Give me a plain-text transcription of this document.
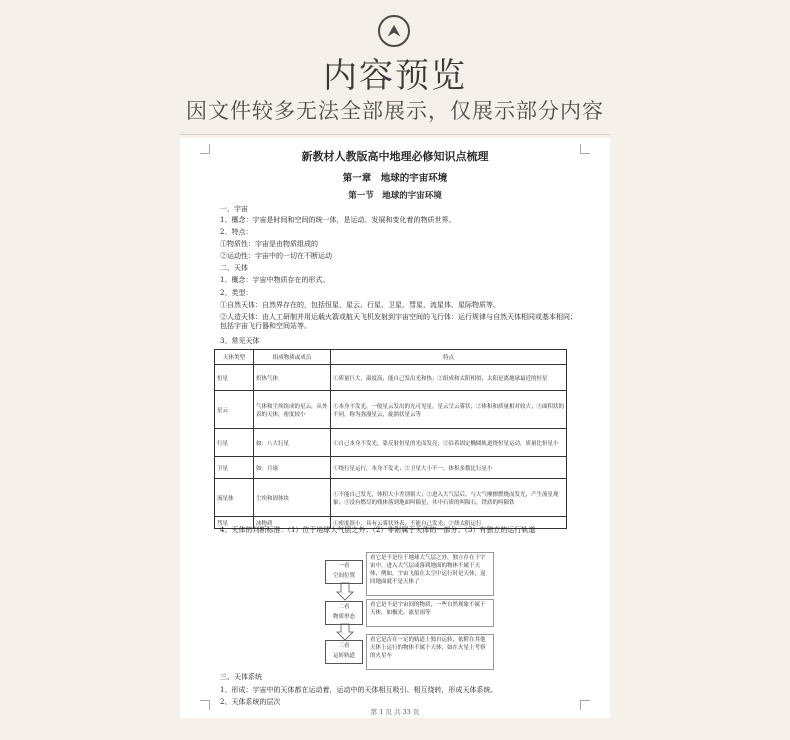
内容预览
因文件较多无法全部展示，仅展示部分内容
新教材人教版高中地理必修知识点梳理
第一章　地球的宇宙环境
第一节　地球的宇宙环境
一、宇宙
1、概念：宇宙是时间和空间的统一体，是运动、发展和变化着的物质世界。
2、特点：
①物质性：宇宙是由物质组成的
②运动性：宇宙中的一切在不断运动
二、天体
1、概念：宇宙中物质存在的形式。
2、类型：
①自然天体：自然界存在的，包括恒星、星云、行星、卫星、彗星、流星体、星际物质等。
②人造天体：由人工研制并用运载火箭或航天飞机发射到宇宙空间的飞行体：运行规律与自然天体相同或基本相同；包括宇宙飞行器和空间站等。
3、常见天体
天体类型	组成物质或成员	特点
恒星	炽热气体	①质量巨大，温度高，能自己发出光和热；②组成和太阳相似，太阳是离地球最近的恒星
星云	气体和尘埃组成的星云，从外表的天体，密度较小	①本身不发光，一般星云发出的光可见星，星云呈云雾状；②体积和质量相对较大；③面积状的不同，称为弥漫星云，旋涡状星云等
行星	如：八大行星	①自己本身不发光，靠反射恒星的光而发亮；②沿着固定椭圆轨道绕恒星运动，质量比恒星小
卫星	如：月球	①绕行星运行，本身不发光；②卫星大小不一，体积多数比行星小
流星体	尘埃和固体块	①不能自己发光，体积大小差别很大；②进入大气层后，与大气摩擦燃烧而发光，产生流星现象；③没有燃尽的残体落到地面叫陨星，其中石质的叫陨石，铁质的叫陨铁
彗星	冰物质	①密度很小，具有云雾状外表，不能自己发光；②绕太阳运行
4、天体的判断标准：（1）位于地球大气层之外；（2）非附属于天体的一部分；（3）有独立的运行轨道
一看
空间位置
看它是不是位于地球大气层之外，独立存在于宇宙中，进入大气层或落到地面的物体不属于天体，例如，宇宙飞船在太空中运行时是天体，返回地面就不是天体了
二看
物质形态
看它是不是宇宙间的物质，一些自然现象不属于天体，如极光、流星雨等
三看
运转轨道
看它是否在一定的轨道上独自运转，依附在其他天体上运行的物体不属于天体，如在火星上考察的火星车
三、天体系统
1、形成：宇宙中的天体都在运动着，运动中的天体相互吸引、相互绕转，形成天体系统。
2、天体系统的层次
第 1 页 共 33 页
